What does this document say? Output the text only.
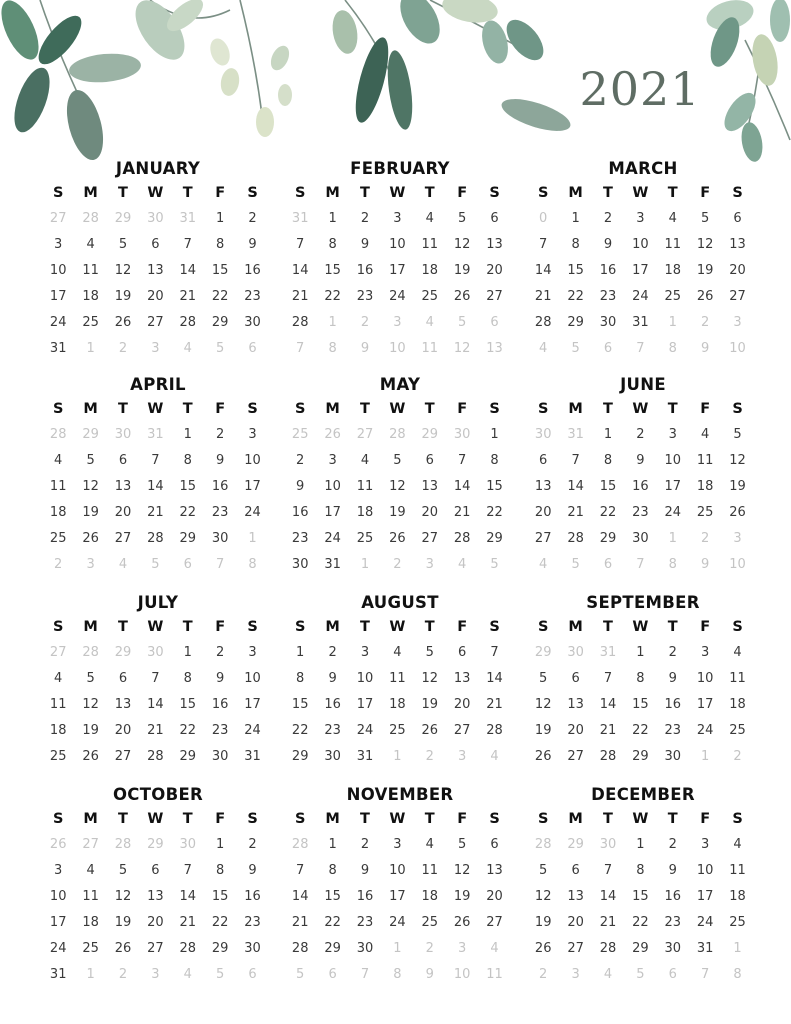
2021
JANUARY
S	M	T	W	T	F	S
27	28	29	30	31	1	2
3	4	5	6	7	8	9
10	11	12	13	14	15	16
17	18	19	20	21	22	23
24	25	26	27	28	29	30
31	1	2	3	4	5	6
FEBRUARY
S	M	T	W	T	F	S
31	1	2	3	4	5	6
7	8	9	10	11	12	13
14	15	16	17	18	19	20
21	22	23	24	25	26	27
28	1	2	3	4	5	6
7	8	9	10	11	12	13
MARCH
S	M	T	W	T	F	S
0	1	2	3	4	5	6
7	8	9	10	11	12	13
14	15	16	17	18	19	20
21	22	23	24	25	26	27
28	29	30	31	1	2	3
4	5	6	7	8	9	10
APRIL
S	M	T	W	T	F	S
28	29	30	31	1	2	3
4	5	6	7	8	9	10
11	12	13	14	15	16	17
18	19	20	21	22	23	24
25	26	27	28	29	30	1
2	3	4	5	6	7	8
MAY
S	M	T	W	T	F	S
25	26	27	28	29	30	1
2	3	4	5	6	7	8
9	10	11	12	13	14	15
16	17	18	19	20	21	22
23	24	25	26	27	28	29
30	31	1	2	3	4	5
JUNE
S	M	T	W	T	F	S
30	31	1	2	3	4	5
6	7	8	9	10	11	12
13	14	15	16	17	18	19
20	21	22	23	24	25	26
27	28	29	30	1	2	3
4	5	6	7	8	9	10
JULY
S	M	T	W	T	F	S
27	28	29	30	1	2	3
4	5	6	7	8	9	10
11	12	13	14	15	16	17
18	19	20	21	22	23	24
25	26	27	28	29	30	31
AUGUST
S	M	T	W	T	F	S
1	2	3	4	5	6	7
8	9	10	11	12	13	14
15	16	17	18	19	20	21
22	23	24	25	26	27	28
29	30	31	1	2	3	4
SEPTEMBER
S	M	T	W	T	F	S
29	30	31	1	2	3	4
5	6	7	8	9	10	11
12	13	14	15	16	17	18
19	20	21	22	23	24	25
26	27	28	29	30	1	2
OCTOBER
S	M	T	W	T	F	S
26	27	28	29	30	1	2
3	4	5	6	7	8	9
10	11	12	13	14	15	16
17	18	19	20	21	22	23
24	25	26	27	28	29	30
31	1	2	3	4	5	6
NOVEMBER
S	M	T	W	T	F	S
28	1	2	3	4	5	6
7	8	9	10	11	12	13
14	15	16	17	18	19	20
21	22	23	24	25	26	27
28	29	30	1	2	3	4
5	6	7	8	9	10	11
DECEMBER
S	M	T	W	T	F	S
28	29	30	1	2	3	4
5	6	7	8	9	10	11
12	13	14	15	16	17	18
19	20	21	22	23	24	25
26	27	28	29	30	31	1
2	3	4	5	6	7	8
